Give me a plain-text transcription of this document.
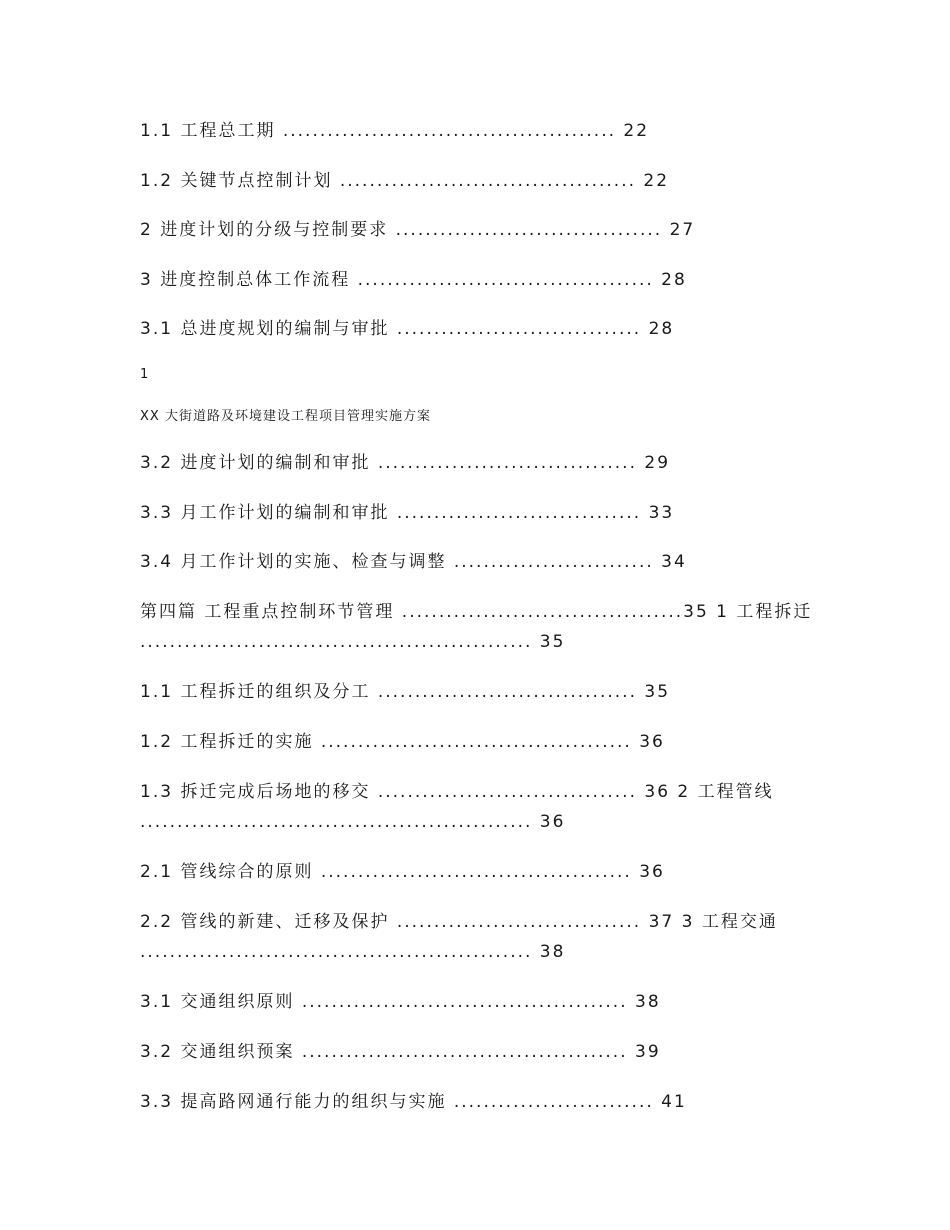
1.1 工程总工期 ............................................. 22
1.2 关键节点控制计划 ........................................ 22
2 进度计划的分级与控制要求 .................................... 27
3 进度控制总体工作流程 ........................................ 28
3.1 总进度规划的编制与审批 ................................. 28
1
XX 大街道路及环境建设工程项目管理实施方案
3.2 进度计划的编制和审批 ................................... 29
3.3 月工作计划的编制和审批 ................................. 33
3.4 月工作计划的实施、检查与调整 ........................... 34
第四篇 工程重点控制环节管理 ......................................35 1 工程拆迁 ..................................................... 35
1.1 工程拆迁的组织及分工 ................................... 35
1.2 工程拆迁的实施 .......................................... 36
1.3 拆迁完成后场地的移交 ................................... 36 2 工程管线 ..................................................... 36
2.1 管线综合的原则 .......................................... 36
2.2 管线的新建、迁移及保护 ................................. 37 3 工程交通 ..................................................... 38
3.1 交通组织原则 ............................................ 38
3.2 交通组织预案 ............................................ 39
3.3 提高路网通行能力的组织与实施 ........................... 41
